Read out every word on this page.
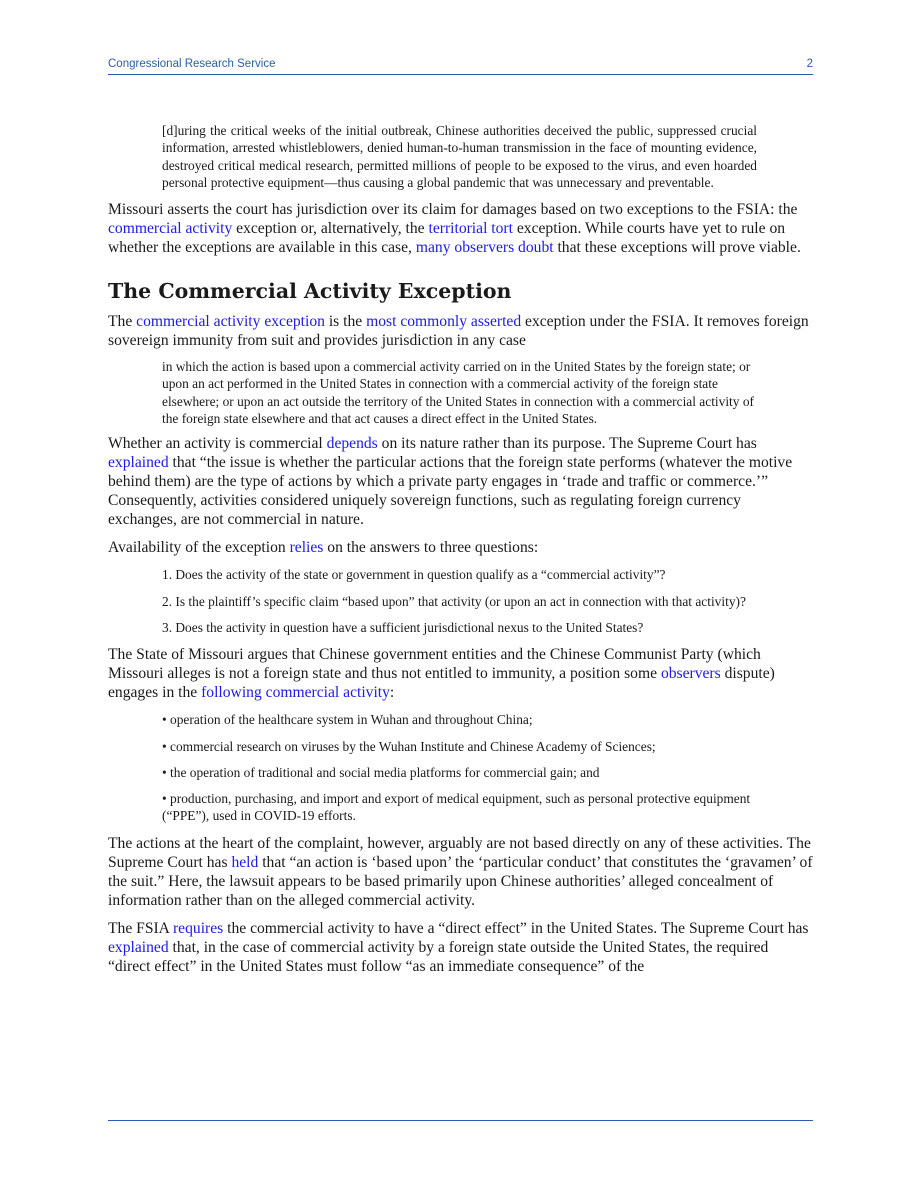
Congressional Research Service	2

[d]uring the critical weeks of the initial outbreak, Chinese authorities deceived the public, suppressed crucial information, arrested whistleblowers, denied human-to-human transmission in the face of mounting evidence, destroyed critical medical research, permitted millions of people to be exposed to the virus, and even hoarded personal protective equipment—thus causing a global pandemic that was unnecessary and preventable.

Missouri asserts the court has jurisdiction over its claim for damages based on two exceptions to the FSIA: the commercial activity exception or, alternatively, the territorial tort exception. While courts have yet to rule on whether the exceptions are available in this case, many observers doubt that these exceptions will prove viable.

The Commercial Activity Exception

The commercial activity exception is the most commonly asserted exception under the FSIA. It removes foreign sovereign immunity from suit and provides jurisdiction in any case

in which the action is based upon a commercial activity carried on in the United States by the foreign state; or upon an act performed in the United States in connection with a commercial activity of the foreign state elsewhere; or upon an act outside the territory of the United States in connection with a commercial activity of the foreign state elsewhere and that act causes a direct effect in the United States.

Whether an activity is commercial depends on its nature rather than its purpose. The Supreme Court has explained that “the issue is whether the particular actions that the foreign state performs (whatever the motive behind them) are the type of actions by which a private party engages in ‘trade and traffic or commerce.’” Consequently, activities considered uniquely sovereign functions, such as regulating foreign currency exchanges, are not commercial in nature.

Availability of the exception relies on the answers to three questions:

1. Does the activity of the state or government in question qualify as a “commercial activity”?

2. Is the plaintiff’s specific claim “based upon” that activity (or upon an act in connection with that activity)?

3. Does the activity in question have a sufficient jurisdictional nexus to the United States?

The State of Missouri argues that Chinese government entities and the Chinese Communist Party (which Missouri alleges is not a foreign state and thus not entitled to immunity, a position some observers dispute) engages in the following commercial activity:

• operation of the healthcare system in Wuhan and throughout China;

• commercial research on viruses by the Wuhan Institute and Chinese Academy of Sciences;

• the operation of traditional and social media platforms for commercial gain; and

• production, purchasing, and import and export of medical equipment, such as personal protective equipment (“PPE”), used in COVID-19 efforts.

The actions at the heart of the complaint, however, arguably are not based directly on any of these activities. The Supreme Court has held that “an action is ‘based upon’ the ‘particular conduct’ that constitutes the ‘gravamen’ of the suit.” Here, the lawsuit appears to be based primarily upon Chinese authorities’ alleged concealment of information rather than on the alleged commercial activity.

The FSIA requires the commercial activity to have a “direct effect” in the United States. The Supreme Court has explained that, in the case of commercial activity by a foreign state outside the United States, the required “direct effect” in the United States must follow “as an immediate consequence” of the
